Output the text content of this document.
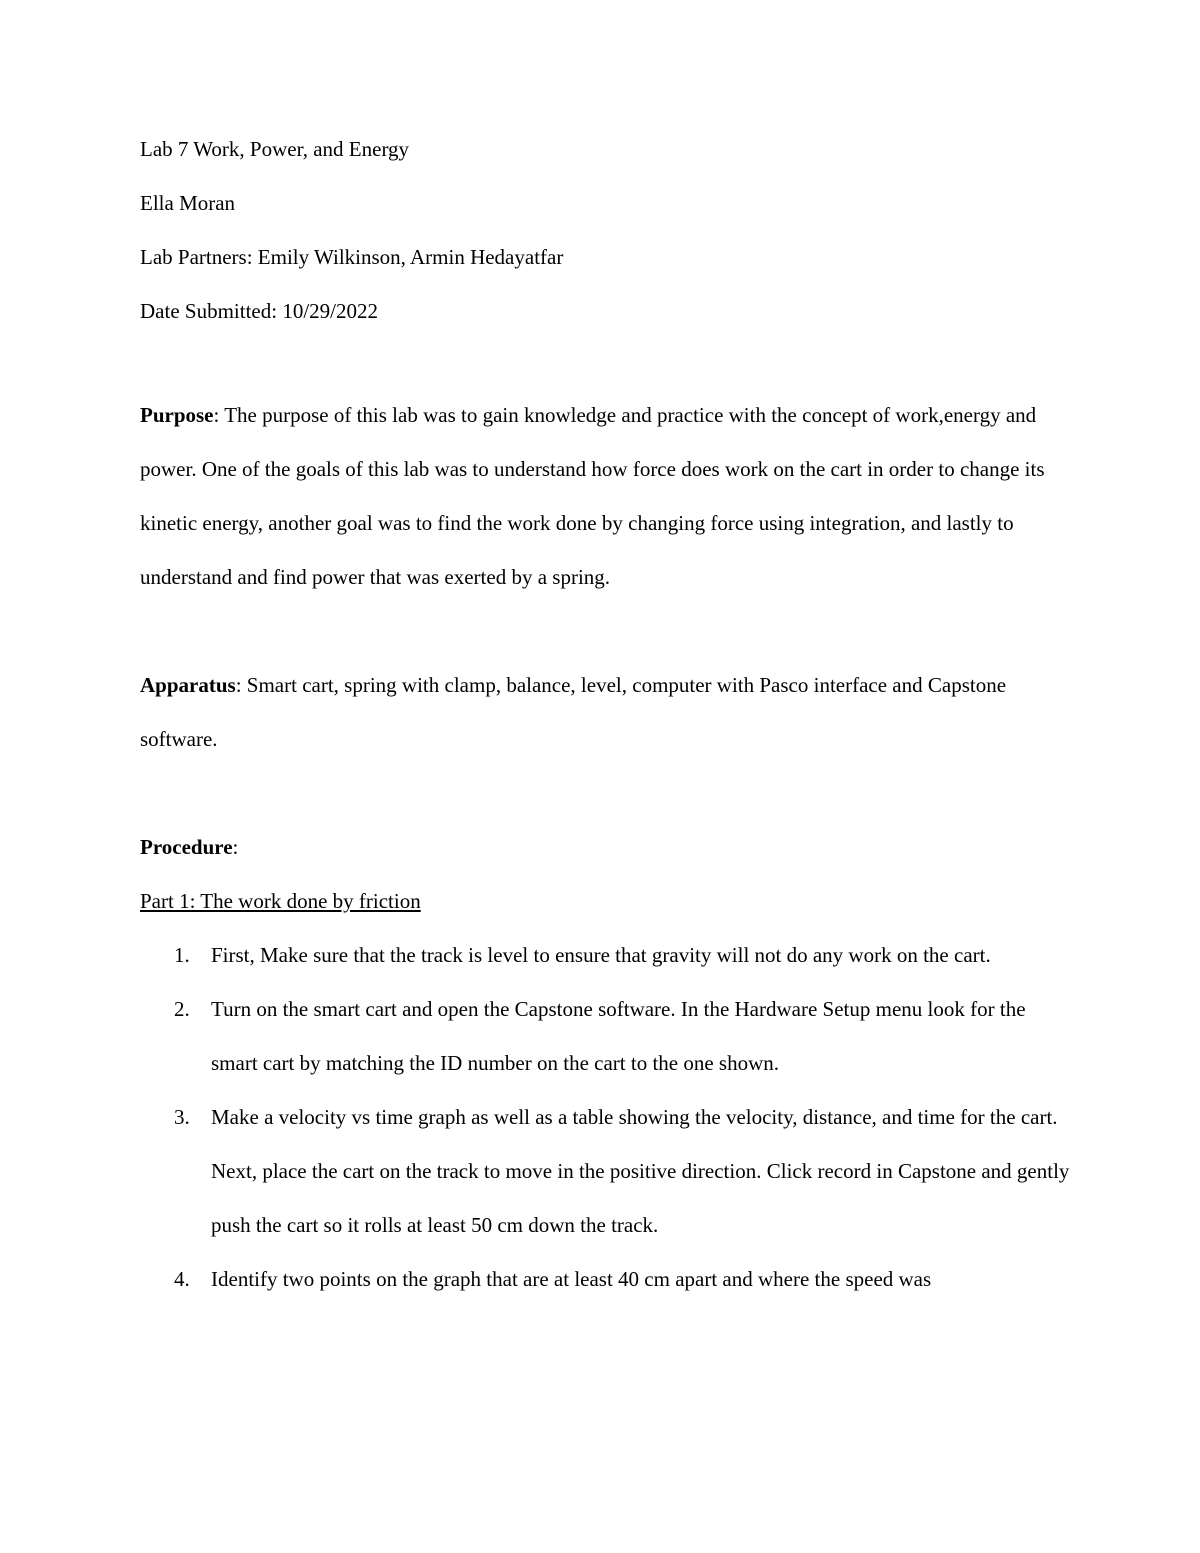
Lab 7 Work, Power, and Energy
Ella Moran
Lab Partners: Emily Wilkinson, Armin Hedayatfar
Date Submitted: 10/29/2022

Purpose: The purpose of this lab was to gain knowledge and practice with the concept of work,energy and power. One of the goals of this lab was to understand how force does work on the cart in order to change its kinetic energy, another goal was to find the work done by changing force using integration, and lastly to understand and find power that was exerted by a spring.

Apparatus: Smart cart, spring with clamp, balance, level, computer with Pasco interface and Capstone software.

Procedure:
Part 1: The work done by friction
1. First, Make sure that the track is level to ensure that gravity will not do any work on the cart.
2. Turn on the smart cart and open the Capstone software. In the Hardware Setup menu look for the smart cart by matching the ID number on the cart to the one shown.
3. Make a velocity vs time graph as well as a table showing the velocity, distance, and time for the cart. Next, place the cart on the track to move in the positive direction. Click record in Capstone and gently push the cart so it rolls at least 50 cm down the track.
4. Identify two points on the graph that are at least 40 cm apart and where the speed was
